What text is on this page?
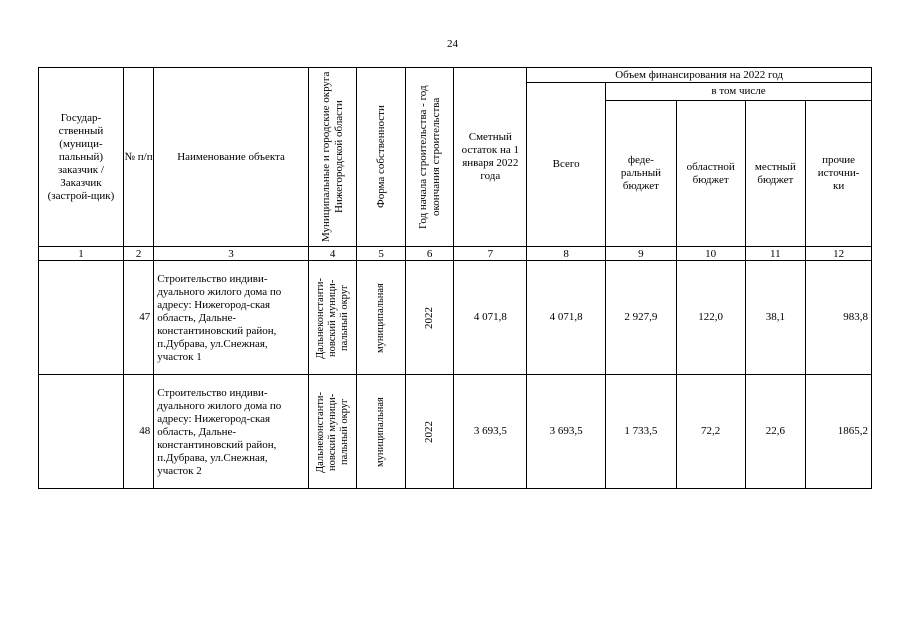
24
Государ-ственный (муници-пальный) заказчик / Заказчик (застрой-щик)	№ п/п	Наименование объекта	Муниципальные и городские округа Нижегородской области	Форма собственности	Год начала строительства - год окончания строительства	Сметный остаток на 1 января 2022 года	Объем финансирования на 2022 год				
							Всего	в том числе			
								феде-ральный бюджет	областной бюджет	местный бюджет	прочие источни-ки
1	2	3	4	5	6	7	8	9	10	11	12
	47	Строительство индиви-дуального жилого дома по адресу: Нижегород-ская область, Дальне-константиновский район, п.Дубрава, ул.Снежная, участок 1	Дальнеконстанти-новский муници-пальный округ	муниципальная	2022	4 071,8	4 071,8	2 927,9	122,0	38,1	983,8
	48	Строительство индиви-дуального жилого дома по адресу: Нижегород-ская область, Дальне-константиновский район, п.Дубрава, ул.Снежная, участок 2	Дальнеконстанти-новский муници-пальный округ	муниципальная	2022	3 693,5	3 693,5	1 733,5	72,2	22,6	1865,2
